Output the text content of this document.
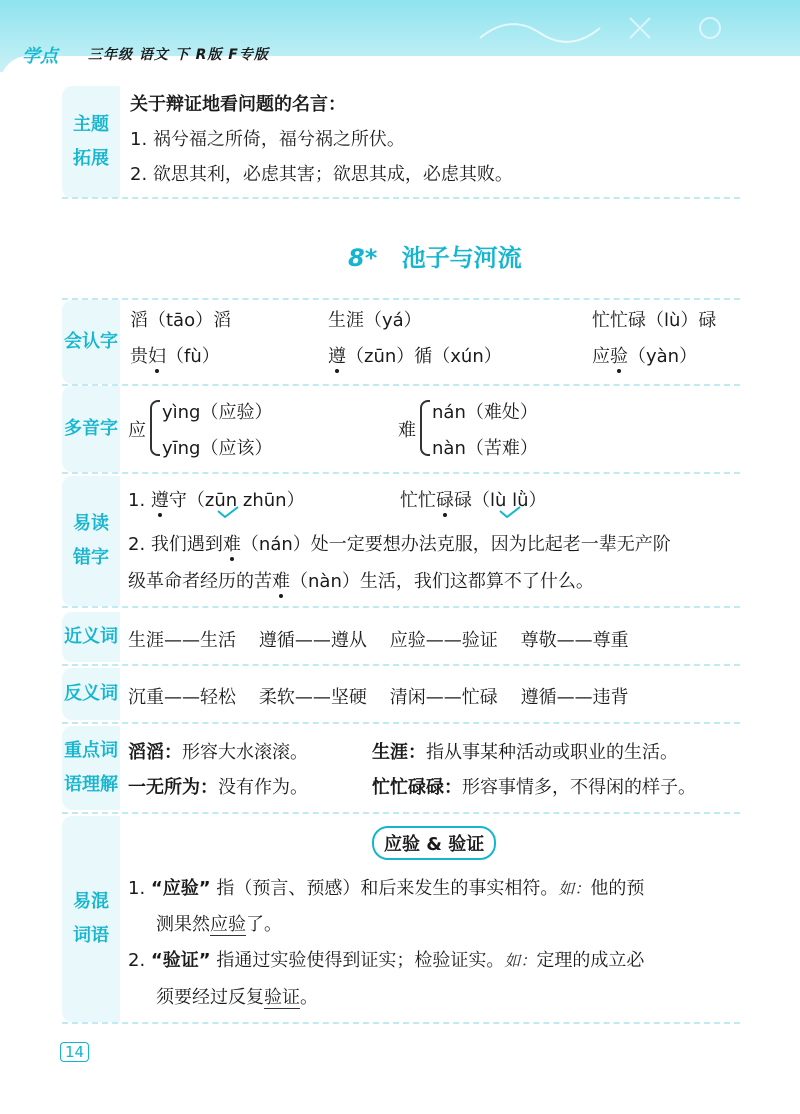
学点 三年级 语文 下 R版 F专版
主题
拓展
关于辩证地看问题的名言：
1. 祸兮福之所倚，福兮祸之所伏。
2. 欲思其利，必虑其害；欲思其成，必虑其败。
8* 池子与河流
会认字
滔（tāo）滔	生涯（yá）	忙忙碌（lù）碌
贵妇（fù）	遵（zūn）循（xún）	应验（yàn）
多音字 应
yìng（应验）
yīng（应该）
难
nán（难处）
nàn（苦难）
易读
错字
1. 遵守（zūn zhūn）	忙忙碌碌（lù lǜ）
2. 我们遇到难（nán）处一定要想办法克服，因为比起老一辈无产阶
级革命者经历的苦难（nàn）生活，我们这都算不了什么。
近义词 生涯——生活    遵循——遵从    应验——验证    尊敬——尊重
反义词 沉重——轻松    柔软——坚硬    清闲——忙碌    遵循——违背
重点词
语理解
滔滔：形容大水滚滚。	生涯：指从事某种活动或职业的生活。
一无所为：没有作为。	忙忙碌碌：形容事情多，不得闲的样子。
易混
词语
应验 & 验证
1. “应验” 指（预言、预感）和后来发生的事实相符。如：他的预
测果然应验了。
2. “验证” 指通过实验使得到证实；检验证实。如：定理的成立必
须要经过反复验证。
14
